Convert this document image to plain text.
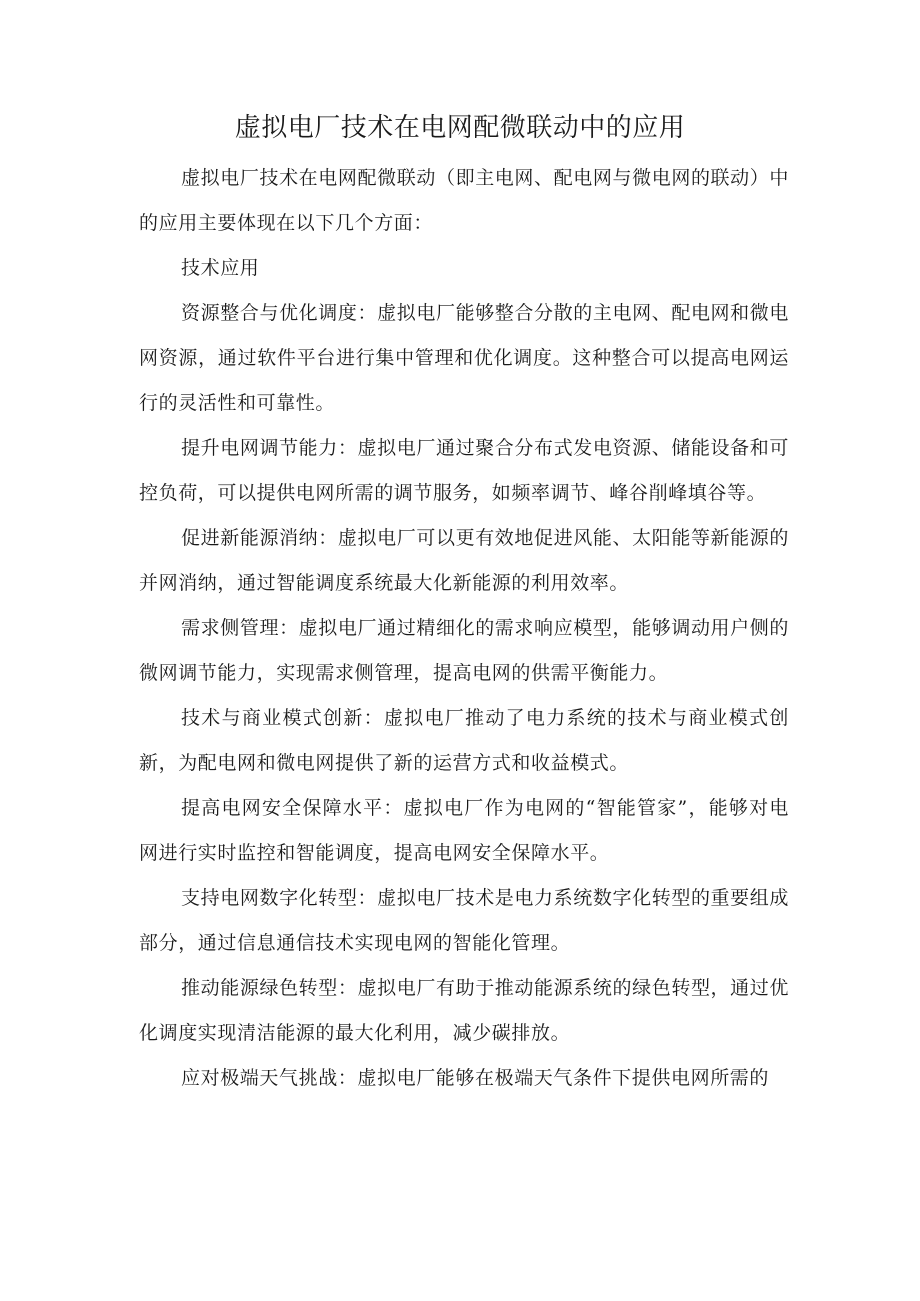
虚拟电厂技术在电网配微联动中的应用

虚拟电厂技术在电网配微联动（即主电网、配电网与微电网的联动）中的应用主要体现在以下几个方面：

技术应用

资源整合与优化调度：虚拟电厂能够整合分散的主电网、配电网和微电网资源，通过软件平台进行集中管理和优化调度。这种整合可以提高电网运行的灵活性和可靠性。

提升电网调节能力：虚拟电厂通过聚合分布式发电资源、储能设备和可控负荷，可以提供电网所需的调节服务，如频率调节、峰谷削峰填谷等。

促进新能源消纳：虚拟电厂可以更有效地促进风能、太阳能等新能源的并网消纳，通过智能调度系统最大化新能源的利用效率。

需求侧管理：虚拟电厂通过精细化的需求响应模型，能够调动用户侧的微网调节能力，实现需求侧管理，提高电网的供需平衡能力。

技术与商业模式创新：虚拟电厂推动了电力系统的技术与商业模式创新，为配电网和微电网提供了新的运营方式和收益模式。

提高电网安全保障水平：虚拟电厂作为电网的“智能管家”，能够对电网进行实时监控和智能调度，提高电网安全保障水平。

支持电网数字化转型：虚拟电厂技术是电力系统数字化转型的重要组成部分，通过信息通信技术实现电网的智能化管理。

推动能源绿色转型：虚拟电厂有助于推动能源系统的绿色转型，通过优化调度实现清洁能源的最大化利用，减少碳排放。

应对极端天气挑战：虚拟电厂能够在极端天气条件下提供电网所需的
